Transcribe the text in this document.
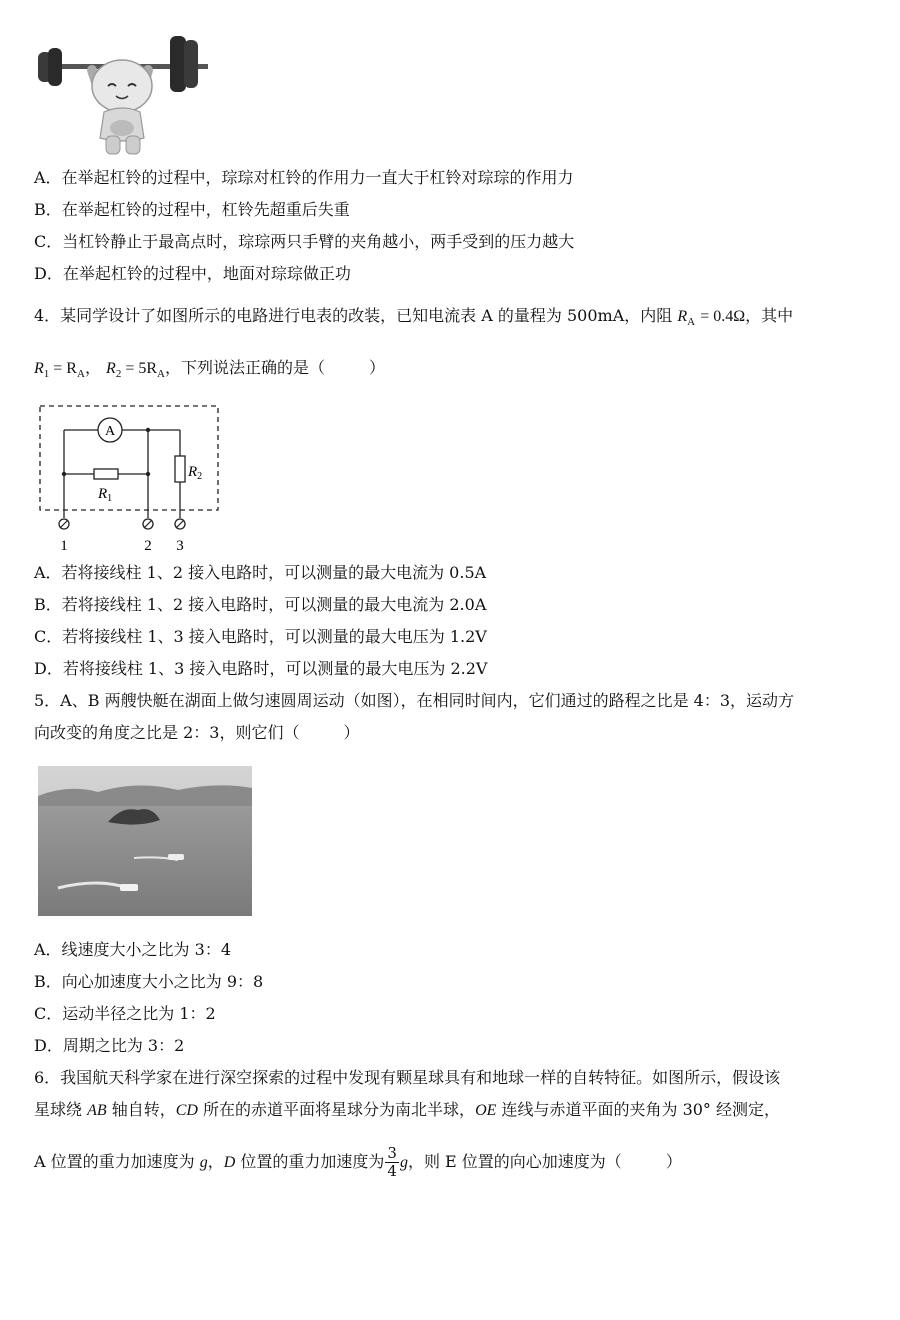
A．在举起杠铃的过程中，琮琮对杠铃的作用力一直大于杠铃对琮琮的作用力
B．在举起杠铃的过程中，杠铃先超重后失重
C．当杠铃静止于最高点时，琮琮两只手臂的夹角越小，两手受到的压力越大
D．在举起杠铃的过程中，地面对琮琮做正功
4．某同学设计了如图所示的电路进行电表的改装，已知电流表 A 的量程为 500mA，内阻 $R_A = 0.4\Omega$，其中
$R_1 = R_A$， $R_2 = 5R_A$，下列说法正确的是（	）
A
$R_1$
$R_2$
1	2 3
A．若将接线柱 1、2 接入电路时，可以测量的最大电流为 0.5A
B．若将接线柱 1、2 接入电路时，可以测量的最大电流为 2.0A
C．若将接线柱 1、3 接入电路时，可以测量的最大电压为 1.2V
D．若将接线柱 1、3 接入电路时，可以测量的最大电压为 2.2V
5．A、B 两艘快艇在湖面上做匀速圆周运动（如图），在相同时间内，它们通过的路程之比是 4：3，运动方
向改变的角度之比是 2：3，则它们（	）
A．线速度大小之比为 3：4
B．向心加速度大小之比为 9：8
C．运动半径之比为 1：2
D．周期之比为 3：2
6．我国航天科学家在进行深空探索的过程中发现有颗星球具有和地球一样的自转特征。如图所示，假设该
星球绕 AB 轴自转，CD 所在的赤道平面将星球分为南北半球，OE 连线与赤道平面的夹角为 30° 经测定，
A 位置的重力加速度为 g，D 位置的重力加速度为 $\frac{3}{4}$ g，则 E 位置的向心加速度为（	）
